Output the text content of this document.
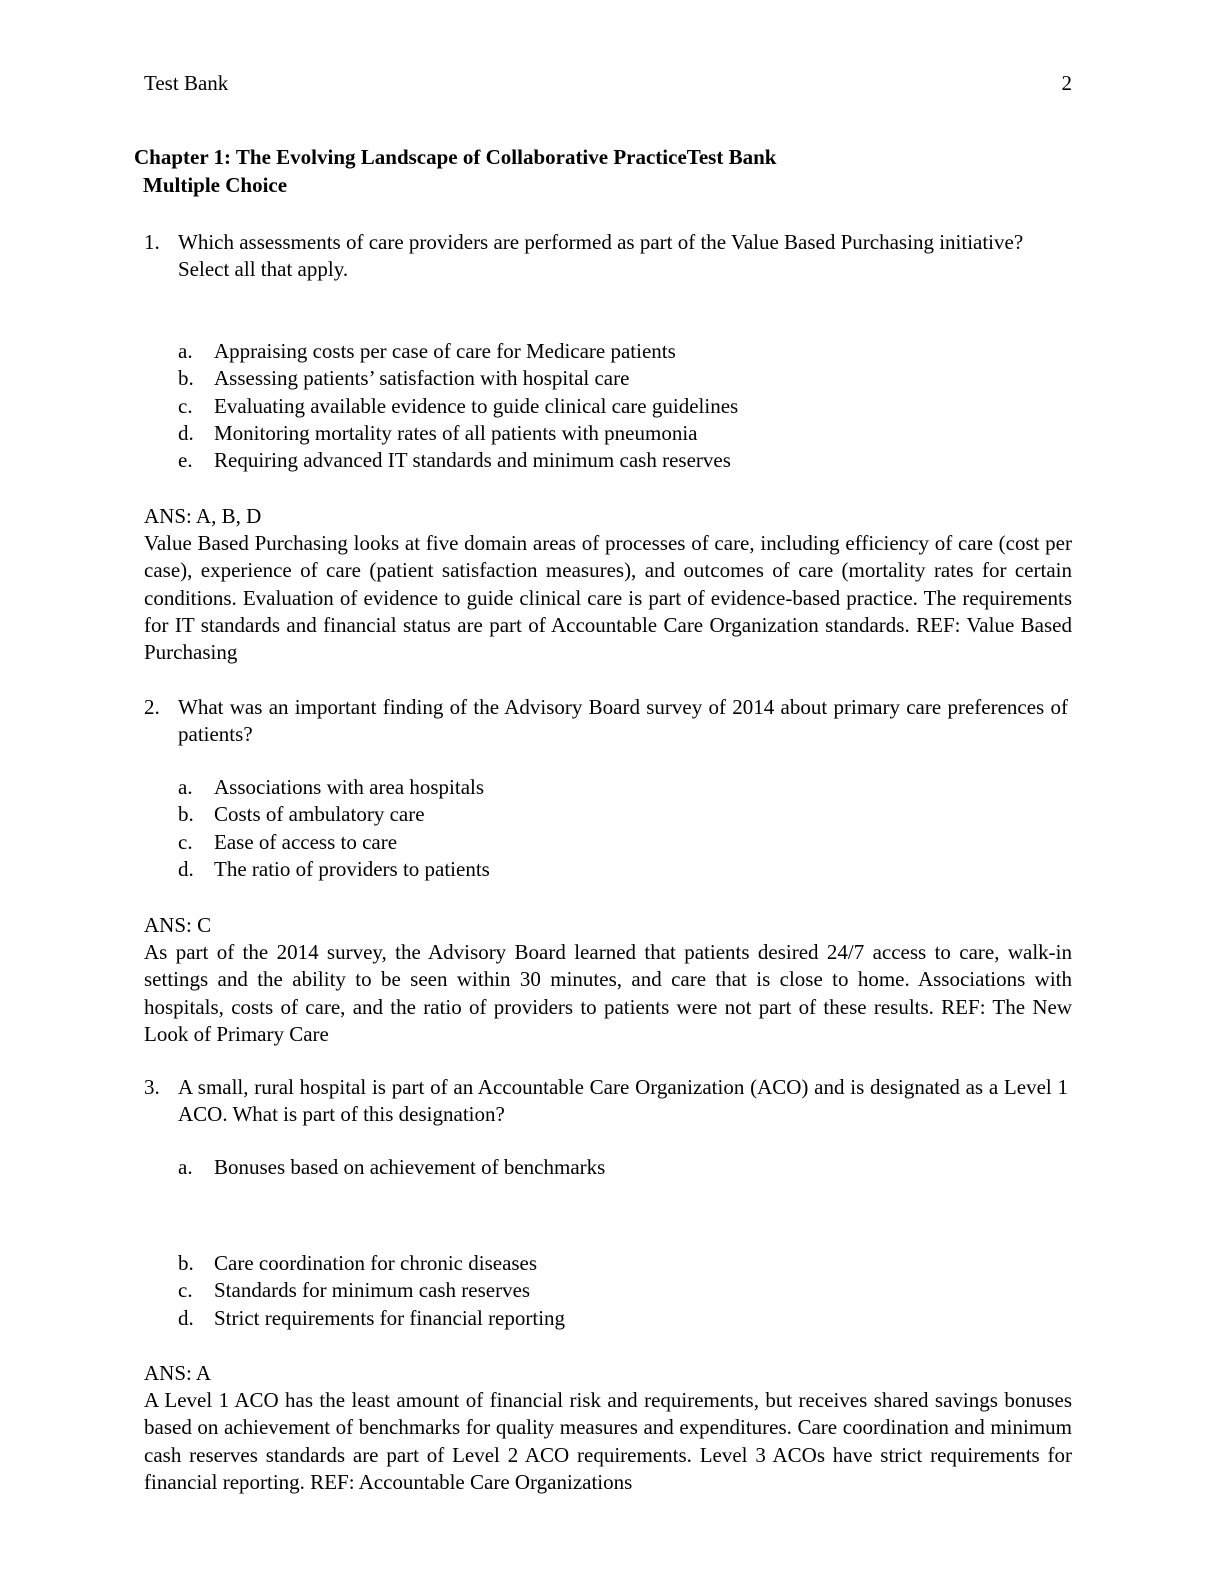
Test Bank	2
Chapter 1: The Evolving Landscape of Collaborative PracticeTest Bank
Multiple Choice
1. Which assessments of care providers are performed as part of the Value Based Purchasing initiative?
Select all that apply.
a.	Appraising costs per case of care for Medicare patients
b. Assessing patients’ satisfaction with hospital care
c.	Evaluating available evidence to guide clinical care guidelines
d. Monitoring mortality rates of all patients with pneumonia
e.	Requiring advanced IT standards and minimum cash reserves
ANS: A, B, D
Value Based Purchasing looks at five domain areas of processes of care, including efficiency of care (cost per case), experience of care (patient satisfaction measures), and outcomes of care (mortality rates for certain conditions. Evaluation of evidence to guide clinical care is part of evidence-based practice. The requirements for IT standards and financial status are part of Accountable Care Organization standards. REF: Value Based Purchasing
2. What was an important finding of the Advisory Board survey of 2014 about primary care preferences of patients?
a.	Associations with area hospitals
b. Costs of ambulatory care
c.	Ease of access to care
d. The ratio of providers to patients
ANS: C
As part of the 2014 survey, the Advisory Board learned that patients desired 24/7 access to care, walk-in settings and the ability to be seen within 30 minutes, and care that is close to home. Associations with hospitals, costs of care, and the ratio of providers to patients were not part of these results. REF: The New Look of Primary Care
3. A small, rural hospital is part of an Accountable Care Organization (ACO) and is designated as a Level 1 ACO. What is part of this designation?
a.	Bonuses based on achievement of benchmarks
b. Care coordination for chronic diseases
c.	Standards for minimum cash reserves
d. Strict requirements for financial reporting
ANS: A
A Level 1 ACO has the least amount of financial risk and requirements, but receives shared savings bonuses based on achievement of benchmarks for quality measures and expenditures. Care coordination and minimum cash reserves standards are part of Level 2 ACO requirements. Level 3 ACOs have strict requirements for financial reporting. REF: Accountable Care Organizations
